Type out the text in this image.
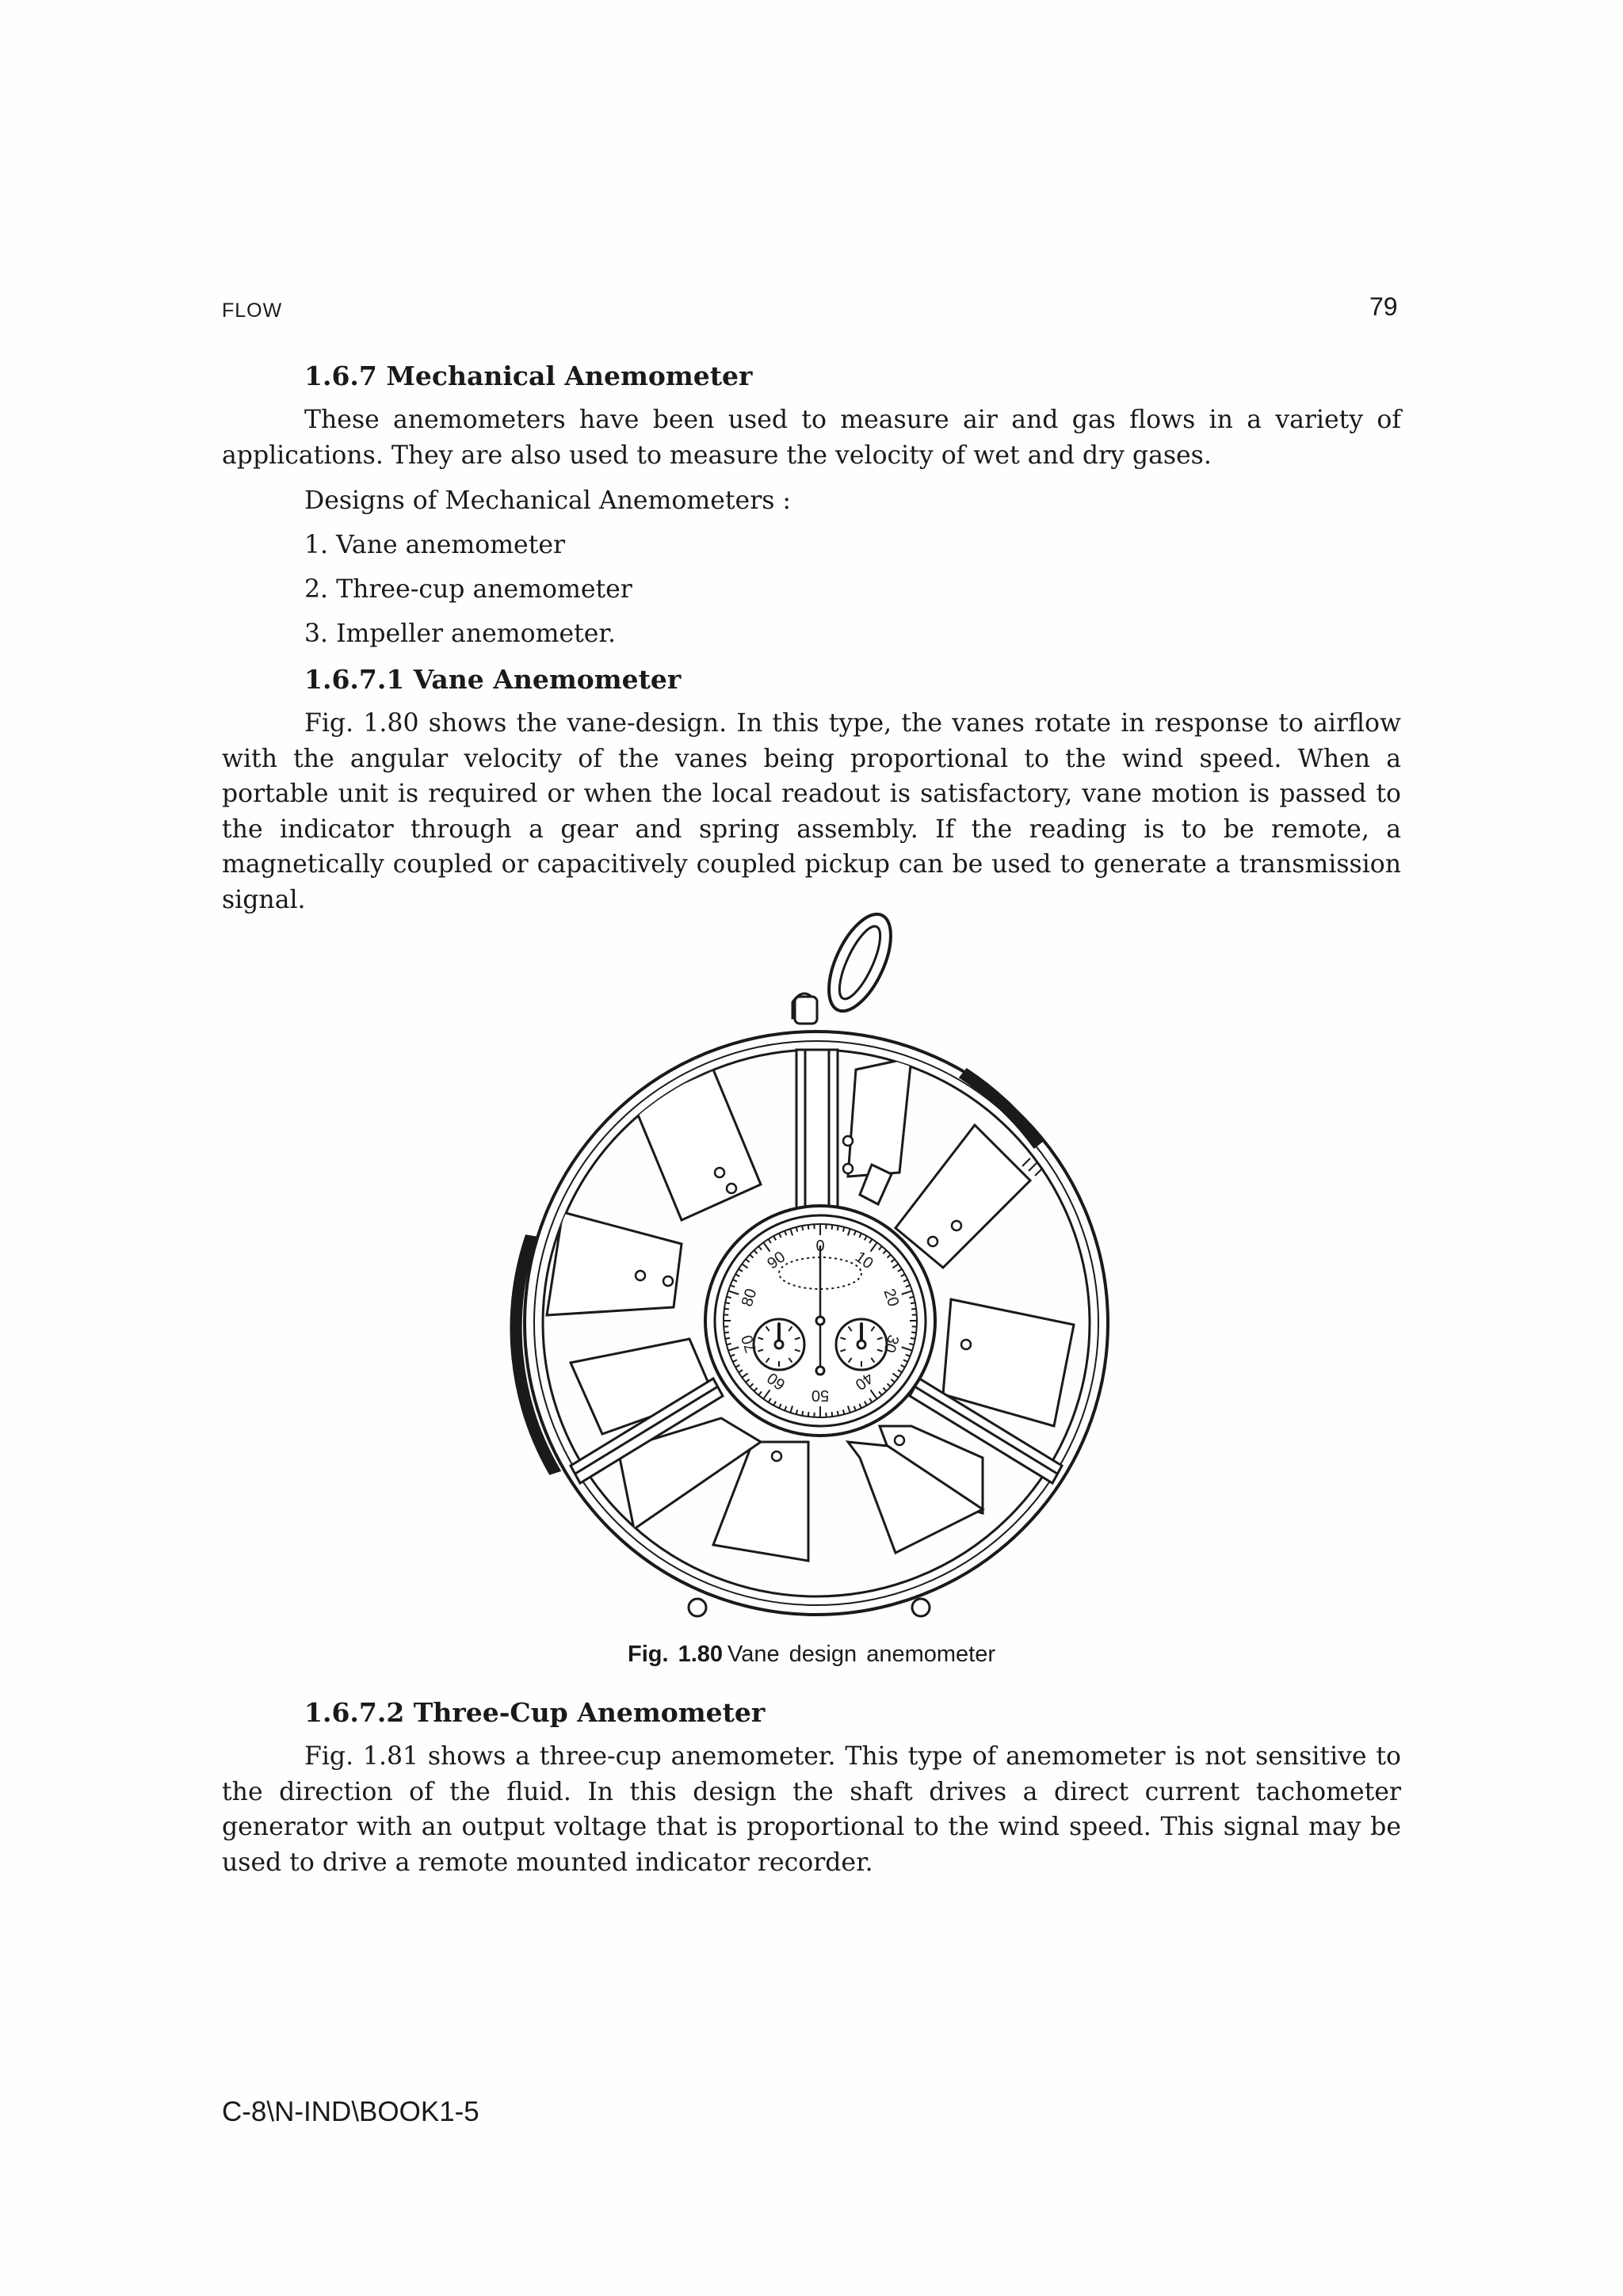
FLOW	79
1.6.7 Mechanical Anemometer
These anemometers have been used to measure air and gas flows in a variety of applications. They are also used to measure the velocity of wet and dry gases.
Designs of Mechanical Anemometers :
1. Vane anemometer
2. Three-cup anemometer
3. Impeller anemometer.
1.6.7.1 Vane Anemometer
Fig. 1.80 shows the vane-design. In this type, the vanes rotate in response to airflow with the angular velocity of the vanes being proportional to the wind speed. When a portable unit is required or when the local readout is satisfactory, vane motion is passed to the indicator through a gear and spring assembly. If the reading is to be remote, a magnetically coupled or capacitively coupled pickup can be used to generate a transmission signal.
0
10
20
30
40
50
60
70
80
90
Fig. 1.80 Vane design anemometer
1.6.7.2 Three-Cup Anemometer
Fig. 1.81 shows a three-cup anemometer. This type of anemometer is not sensitive to the direction of the fluid. In this design the shaft drives a direct current tachometer generator with an output voltage that is proportional to the wind speed. This signal may be used to drive a remote mounted indicator recorder.
C-8\N-IND\BOOK1-5
